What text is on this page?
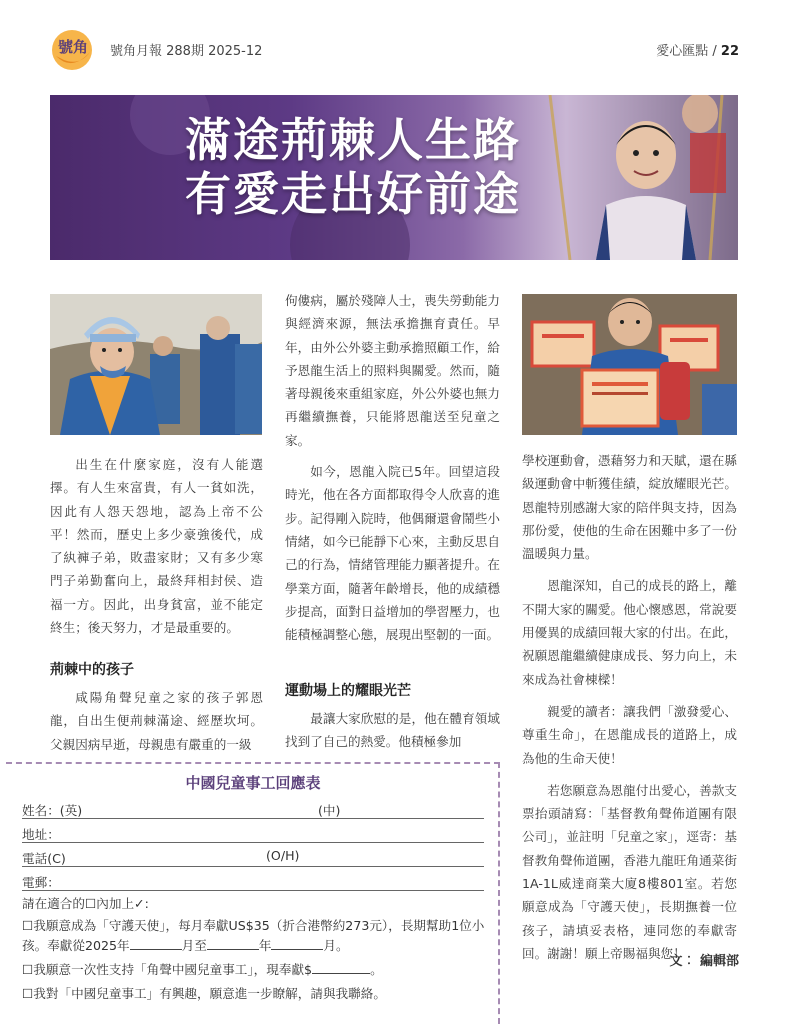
號角 號角月報 288期 2025-12	愛心匯點 / 22
滿途荊棘人生路
有愛走出好前途

出生在什麼家庭，沒有人能選擇。有人生來富貴，有人一貧如洗，因此有人怨天怨地，認為上帝不公平！然而，歷史上多少豪強後代，成了紈褲子弟，敗盡家財；又有多少寒門子弟勤奮向上，最終拜相封侯、造福一方。因此，出身貧富，並不能定終生；後天努力，才是最重要的。

荊棘中的孩子

咸陽角聲兒童之家的孩子郭恩龍，自出生便荊棘滿途、經歷坎坷。父親因病早逝，母親患有嚴重的一級

佝僂病，屬於殘障人士，喪失勞動能力與經濟來源，無法承擔撫育責任。早年，由外公外婆主動承擔照顧工作，給予恩龍生活上的照料與關愛。然而，隨著母親後來重組家庭，外公外婆也無力再繼續撫養，只能將恩龍送至兒童之家。

如今，恩龍入院已5年。回望這段時光，他在各方面都取得令人欣喜的進步。記得剛入院時，他偶爾還會鬧些小情緒，如今已能靜下心來，主動反思自己的行為，情緒管理能力顯著提升。在學業方面，隨著年齡增長，他的成績穩步提高，面對日益增加的學習壓力，也能積極調整心態，展現出堅韌的一面。

運動場上的耀眼光芒

最讓大家欣慰的是，他在體育領域找到了自己的熱愛。他積極參加

學校運動會，憑藉努力和天賦，還在縣級運動會中斬獲佳績，綻放耀眼光芒。恩龍特別感謝大家的陪伴與支持，因為那份愛，使他的生命在困難中多了一份溫暖與力量。

恩龍深知，自己的成長的路上，離不開大家的關愛。他心懷感恩，常說要用優異的成績回報大家的付出。在此，祝願恩龍繼續健康成長、努力向上，未來成為社會棟樑！

親愛的讀者：讓我們「激發愛心、尊重生命」，在恩龍成長的道路上，成為他的生命天使！

若您願意為恩龍付出愛心，善款支票抬頭請寫：「基督教角聲佈道團有限公司」，並註明「兒童之家」，逕寄：基督教角聲佈道團，香港九龍旺角通菜街1A-1L威達商業大廈8樓801室。若您願意成為「守護天使」，長期撫養一位孩子，請填妥表格，連同您的奉獻寄回。謝謝！願上帝賜福與您！

文︰ 編輯部
中國兒童事工回應表
姓名：(英)	(中)
地址：
電話(C)	(O/H)
電郵：
請在適合的☐內加上✓:
☐我願意成為「守護天使」，每月奉獻US$35（折合港幣約273元），長期幫助1位小孩。奉獻從2025年	月至	年	月。
☐我願意一次性支持「角聲中國兒童事工」，現奉獻$	。
☐我對「中國兒童事工」有興趣，願意進一步瞭解，請與我聯絡。
